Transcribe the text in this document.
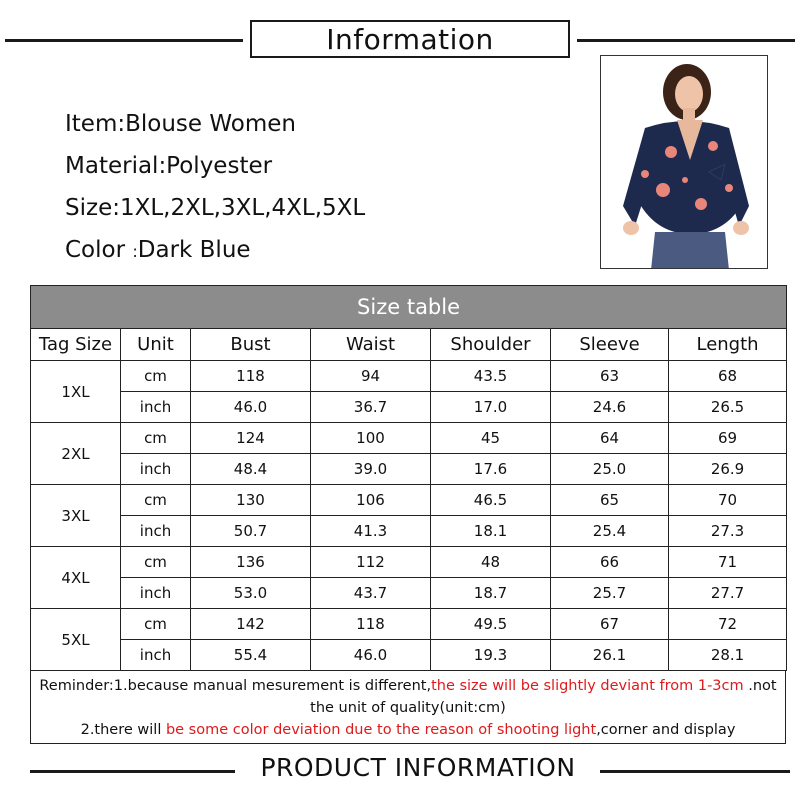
Information
Item:Blouse Women
Material:Polyester
Size:1XL,2XL,3XL,4XL,5XL
Color :Dark Blue
Size table						
Tag Size	Unit	Bust	Waist	Shoulder	Sleeve	Length
1XL	cm	118	94	43.5	63	68
	inch	46.0	36.7	17.0	24.6	26.5
2XL	cm	124	100	45	64	69
	inch	48.4	39.0	17.6	25.0	26.9
3XL	cm	130	106	46.5	65	70
	inch	50.7	41.3	18.1	25.4	27.3
4XL	cm	136	112	48	66	71
	inch	53.0	43.7	18.7	25.7	27.7
5XL	cm	142	118	49.5	67	72
	inch	55.4	46.0	19.3	26.1	28.1
Reminder:1.because manual mesurement is different,the size will be slightly deviant from 1-3cm .not
the unit of quality(unit:cm)
2.there will be some color deviation due to the reason of shooting light,corner and display
PRODUCT INFORMATION
